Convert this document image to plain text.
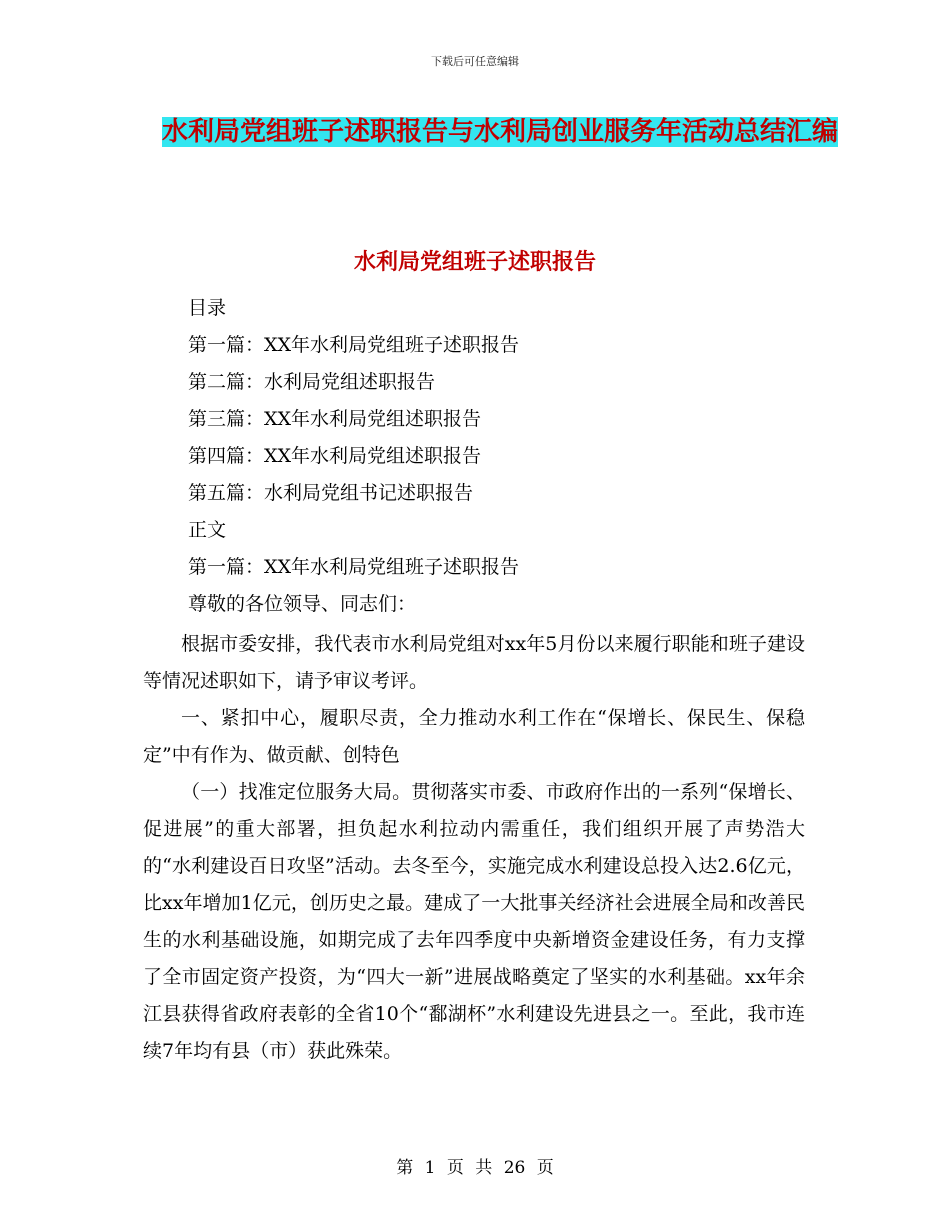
下载后可任意编辑
水利局党组班子述职报告与水利局创业服务年活动总结汇编
水利局党组班子述职报告
目录
第一篇：XX年水利局党组班子述职报告
第二篇：水利局党组述职报告
第三篇：XX年水利局党组述职报告
第四篇：XX年水利局党组述职报告
第五篇：水利局党组书记述职报告
正文
第一篇：XX年水利局党组班子述职报告
尊敬的各位领导、同志们：

根据市委安排，我代表市水利局党组对xx年5月份以来履行职能和班子建设等情况述职如下，请予审议考评。

一、紧扣中心，履职尽责，全力推动水利工作在“保增长、保民生、保稳定”中有作为、做贡献、创特色

（一）找准定位服务大局。贯彻落实市委、市政府作出的一系列“保增长、促进展”的重大部署，担负起水利拉动内需重任，我们组织开展了声势浩大的“水利建设百日攻坚”活动。去冬至今，实施完成水利建设总投入达2.6亿元，比xx年增加1亿元，创历史之最。建成了一大批事关经济社会进展全局和改善民生的水利基础设施，如期完成了去年四季度中央新增资金建设任务，有力支撑了全市固定资产投资，为“四大一新”进展战略奠定了坚实的水利基础。xx年余江县获得省政府表彰的全省10个“鄱湖杯”水利建设先进县之一。至此，我市连续7年均有县（市）获此殊荣。

第 1 页 共 26 页
